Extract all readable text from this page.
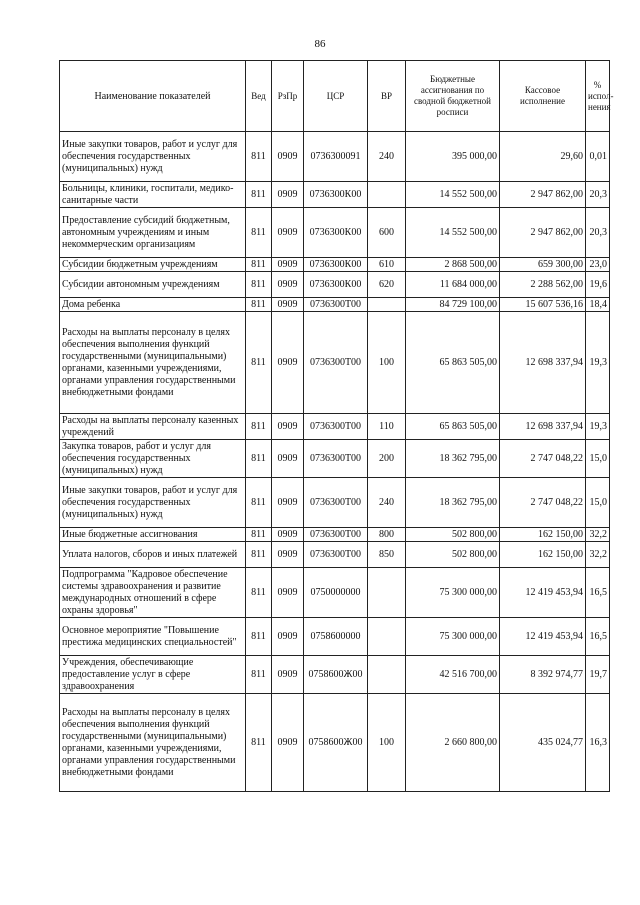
86
Наименование показателей	Вед	РзПр	ЦСР	ВР	Бюджетные ассигнования по сводной бюджетной росписи	Кассовое исполнение	% испол-нения
Иные закупки товаров, работ и услуг для обеспечения государственных (муниципальных) нужд	811	0909	0736300091	240	395 000,00	29,60	0,01
Больницы, клиники, госпитали, медико-санитарные части	811	0909	0736300К00		14 552 500,00	2 947 862,00	20,3
Предоставление субсидий бюджетным, автономным учреждениям и иным некоммерческим организациям	811	0909	0736300К00	600	14 552 500,00	2 947 862,00	20,3
Субсидии бюджетным учреждениям	811	0909	0736300К00	610	2 868 500,00	659 300,00	23,0
Субсидии автономным учреждениям	811	0909	0736300К00	620	11 684 000,00	2 288 562,00	19,6
Дома ребенка	811	0909	0736300Т00		84 729 100,00	15 607 536,16	18,4
Расходы на выплаты персоналу в целях обеспечения выполнения функций государственными (муниципальными) органами, казенными учреждениями, органами управления государственными внебюджетными фондами	811	0909	0736300Т00	100	65 863 505,00	12 698 337,94	19,3
Расходы на выплаты персоналу казенных учреждений	811	0909	0736300Т00	110	65 863 505,00	12 698 337,94	19,3
Закупка товаров, работ и услуг для обеспечения государственных (муниципальных) нужд	811	0909	0736300Т00	200	18 362 795,00	2 747 048,22	15,0
Иные закупки товаров, работ и услуг для обеспечения государственных (муниципальных) нужд	811	0909	0736300Т00	240	18 362 795,00	2 747 048,22	15,0
Иные бюджетные ассигнования	811	0909	0736300Т00	800	502 800,00	162 150,00	32,2
Уплата налогов, сборов и иных платежей	811	0909	0736300Т00	850	502 800,00	162 150,00	32,2
Подпрограмма "Кадровое обеспечение системы здравоохранения и развитие международных отношений в сфере охраны здоровья"	811	0909	0750000000		75 300 000,00	12 419 453,94	16,5
Основное мероприятие "Повышение престижа медицинских специальностей"	811	0909	0758600000		75 300 000,00	12 419 453,94	16,5
Учреждения, обеспечивающие предоставление услуг в сфере здравоохранения	811	0909	0758600Ж00		42 516 700,00	8 392 974,77	19,7
Расходы на выплаты персоналу в целях обеспечения выполнения функций государственными (муниципальными) органами, казенными учреждениями, органами управления государственными внебюджетными фондами	811	0909	0758600Ж00	100	2 660 800,00	435 024,77	16,3
